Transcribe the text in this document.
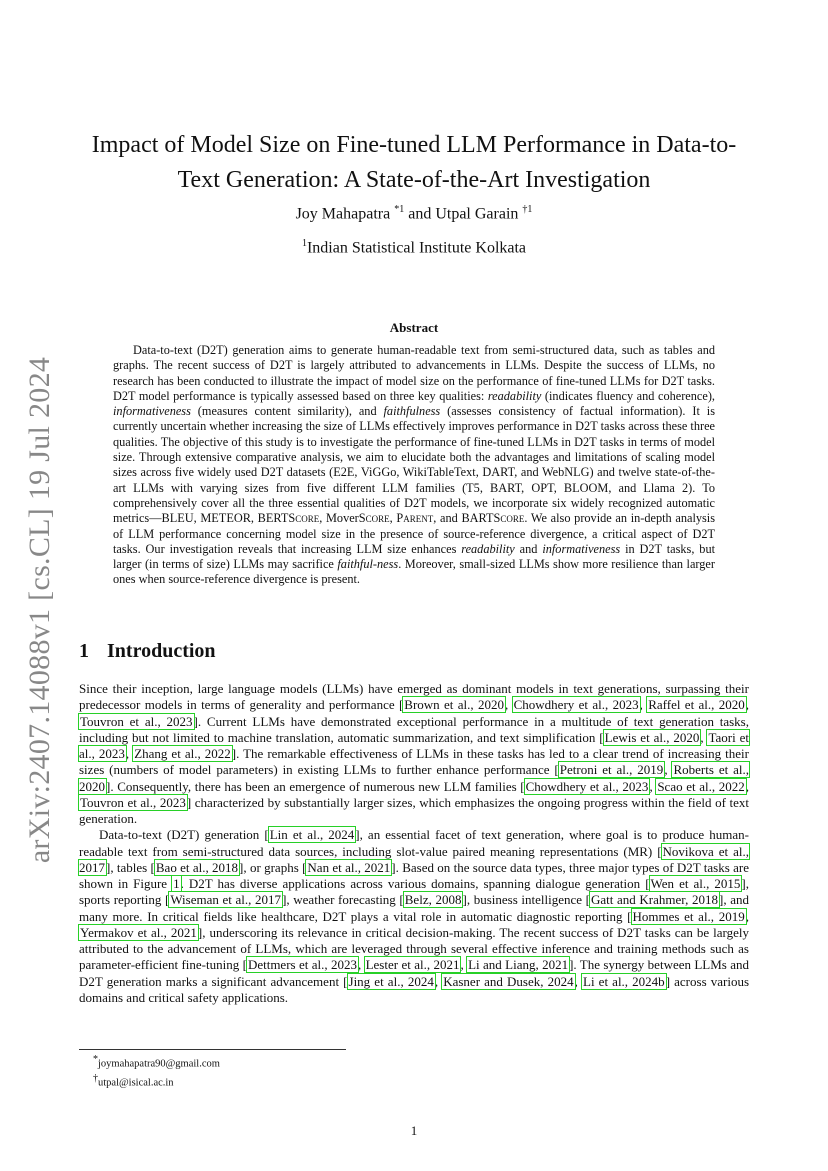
arXiv:2407.14088v1 [cs.CL] 19 Jul 2024
Impact of Model Size on Fine-tuned LLM Performance in Data-to-Text Generation: A State-of-the-Art Investigation
Joy Mahapatra $^{*1}$ and Utpal Garain $^{\dagger 1}$
$^1$Indian Statistical Institute Kolkata
Abstract

Data-to-text (D2T) generation aims to generate human-readable text from semi-structured data, such as tables and graphs. The recent success of D2T is largely attributed to advancements in LLMs. Despite the success of LLMs, no research has been conducted to illustrate the impact of model size on the performance of fine-tuned LLMs for D2T tasks. D2T model performance is typically assessed based on three key qualities: readability (indicates fluency and coherence), informativeness (measures content similarity), and faithfulness (assesses consistency of factual information). It is currently uncertain whether increasing the size of LLMs effectively improves performance in D2T tasks across these three qualities. The objective of this study is to investigate the performance of fine-tuned LLMs in D2T tasks in terms of model size. Through extensive comparative analysis, we aim to elucidate both the advantages and limitations of scaling model sizes across five widely used D2T datasets (E2E, ViGGo, WikiTableText, DART, and WebNLG) and twelve state-of-the-art LLMs with varying sizes from five different LLM families (T5, BART, OPT, BLOOM, and Llama 2). To comprehensively cover all the three essential qualities of D2T models, we incorporate six widely recognized automatic metrics—BLEU, METEOR, BERTScore, MoverScore, Parent, and BARTScore. We also provide an in-depth analysis of LLM performance concerning model size in the presence of source-reference divergence, a critical aspect of D2T tasks. Our investigation reveals that increasing LLM size enhances readability and informativeness in D2T tasks, but larger (in terms of size) LLMs may sacrifice faithful-ness. Moreover, small-sized LLMs show more resilience than larger ones when source-reference divergence is present.

1 Introduction

Since their inception, large language models (LLMs) have emerged as dominant models in text generations, surpassing their predecessor models in terms of generality and performance [Brown et al., 2020, Chowdhery et al., 2023, Raffel et al., 2020, Touvron et al., 2023]. Current LLMs have demonstrated exceptional performance in a multitude of text generation tasks, including but not limited to machine translation, automatic summarization, and text simplification [Lewis et al., 2020, Taori et al., 2023, Zhang et al., 2022]. The remarkable effectiveness of LLMs in these tasks has led to a clear trend of increasing their sizes (numbers of model parameters) in existing LLMs to further enhance performance [Petroni et al., 2019, Roberts et al., 2020]. Consequently, there has been an emergence of numerous new LLM families [Chowdhery et al., 2023, Scao et al., 2022, Touvron et al., 2023] characterized by substantially larger sizes, which emphasizes the ongoing progress within the field of text generation.

Data-to-text (D2T) generation [Lin et al., 2024], an essential facet of text generation, where goal is to produce human-readable text from semi-structured data sources, including slot-value paired meaning representations (MR) [Novikova et al., 2017], tables [Bao et al., 2018], or graphs [Nan et al., 2021]. Based on the source data types, three major types of D2T tasks are shown in Figure 1. D2T has diverse applications across various domains, spanning dialogue generation [Wen et al., 2015], sports reporting [Wiseman et al., 2017], weather forecasting [Belz, 2008], business intelligence [Gatt and Krahmer, 2018], and many more. In critical fields like healthcare, D2T plays a vital role in automatic diagnostic reporting [Hommes et al., 2019, Yermakov et al., 2021], underscoring its relevance in critical decision-making. The recent success of D2T tasks can be largely attributed to the advancement of LLMs, which are leveraged through several effective inference and training methods such as parameter-efficient fine-tuning [Dettmers et al., 2023, Lester et al., 2021, Li and Liang, 2021]. The synergy between LLMs and D2T generation marks a significant advancement [Jing et al., 2024, Kasner and Dusek, 2024, Li et al., 2024b] across various domains and critical safety applications.

*joymahapatra90@gmail.com
†utpal@isical.ac.in
1
